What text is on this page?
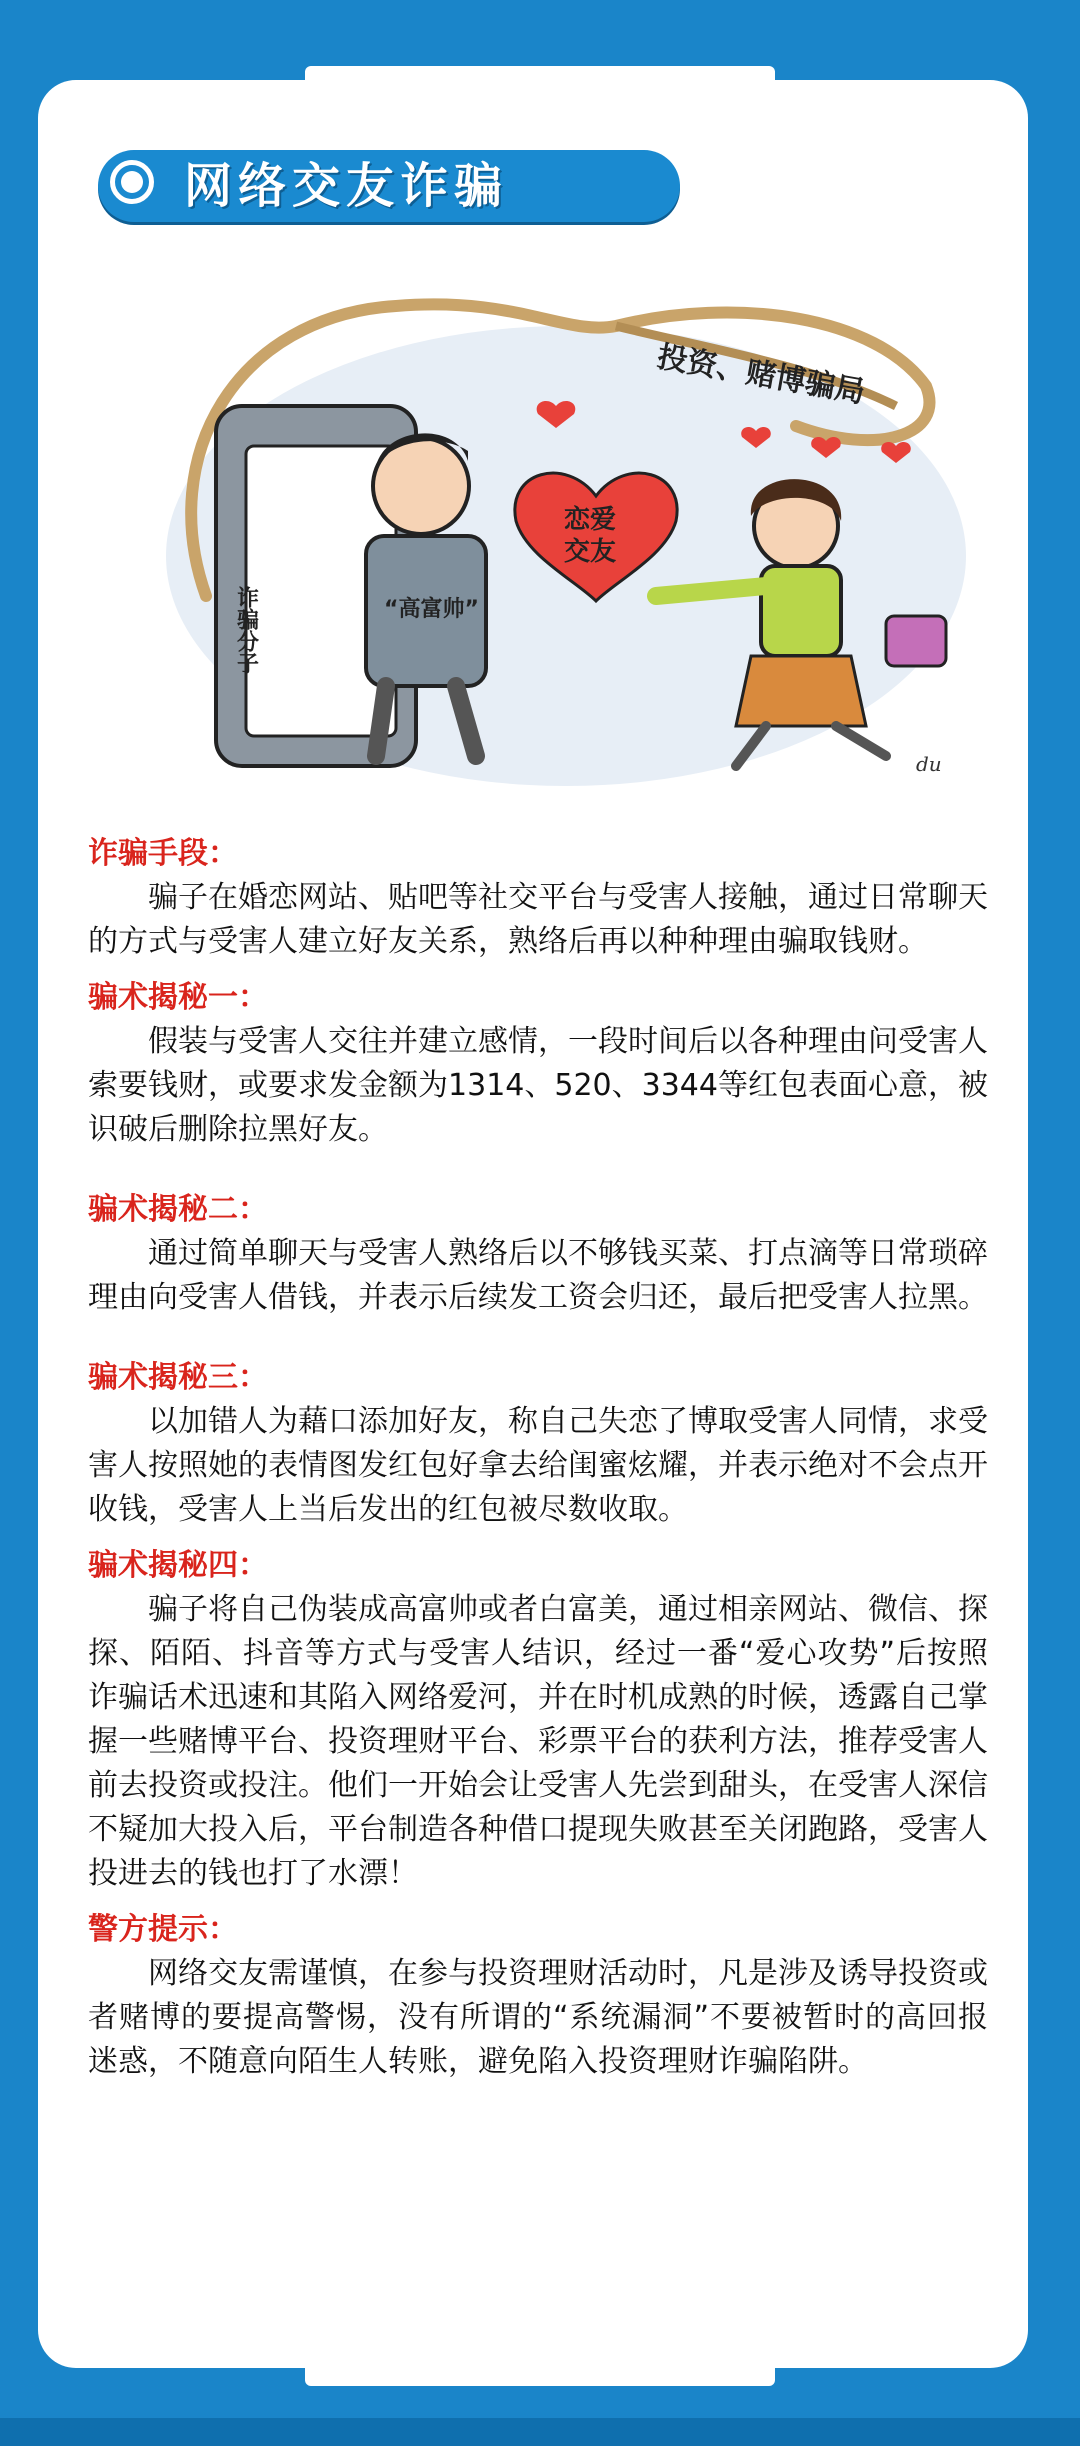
网络交友诈骗
投资、赌博骗局
某些婚恋类网站
诈骗分子	“高富帅”
恋爱
交友
du

诈骗手段：

骗子在婚恋网站、贴吧等社交平台与受害人接触，通过日常聊天的方式与受害人建立好友关系，熟络后再以种种理由骗取钱财。

骗术揭秘一：

假装与受害人交往并建立感情，一段时间后以各种理由问受害人索要钱财，或要求发金额为1314、520、3344等红包表面心意，被识破后删除拉黑好友。

骗术揭秘二：

通过简单聊天与受害人熟络后以不够钱买菜、打点滴等日常琐碎理由向受害人借钱，并表示后续发工资会归还，最后把受害人拉黑。

骗术揭秘三：

以加错人为藉口添加好友，称自己失恋了博取受害人同情，求受害人按照她的表情图发红包好拿去给闺蜜炫耀，并表示绝对不会点开收钱，受害人上当后发出的红包被尽数收取。

骗术揭秘四：

骗子将自己伪装成高富帅或者白富美，通过相亲网站、微信、探探、陌陌、抖音等方式与受害人结识，经过一番“爱心攻势”后按照诈骗话术迅速和其陷入网络爱河，并在时机成熟的时候，透露自己掌握一些赌博平台、投资理财平台、彩票平台的获利方法，推荐受害人前去投资或投注。他们一开始会让受害人先尝到甜头，在受害人深信不疑加大投入后，平台制造各种借口提现失败甚至关闭跑路，受害人投进去的钱也打了水漂！

警方提示：

网络交友需谨慎，在参与投资理财活动时，凡是涉及诱导投资或者赌博的要提高警惕，没有所谓的“系统漏洞”不要被暂时的高回报迷惑，不随意向陌生人转账，避免陷入投资理财诈骗陷阱。
